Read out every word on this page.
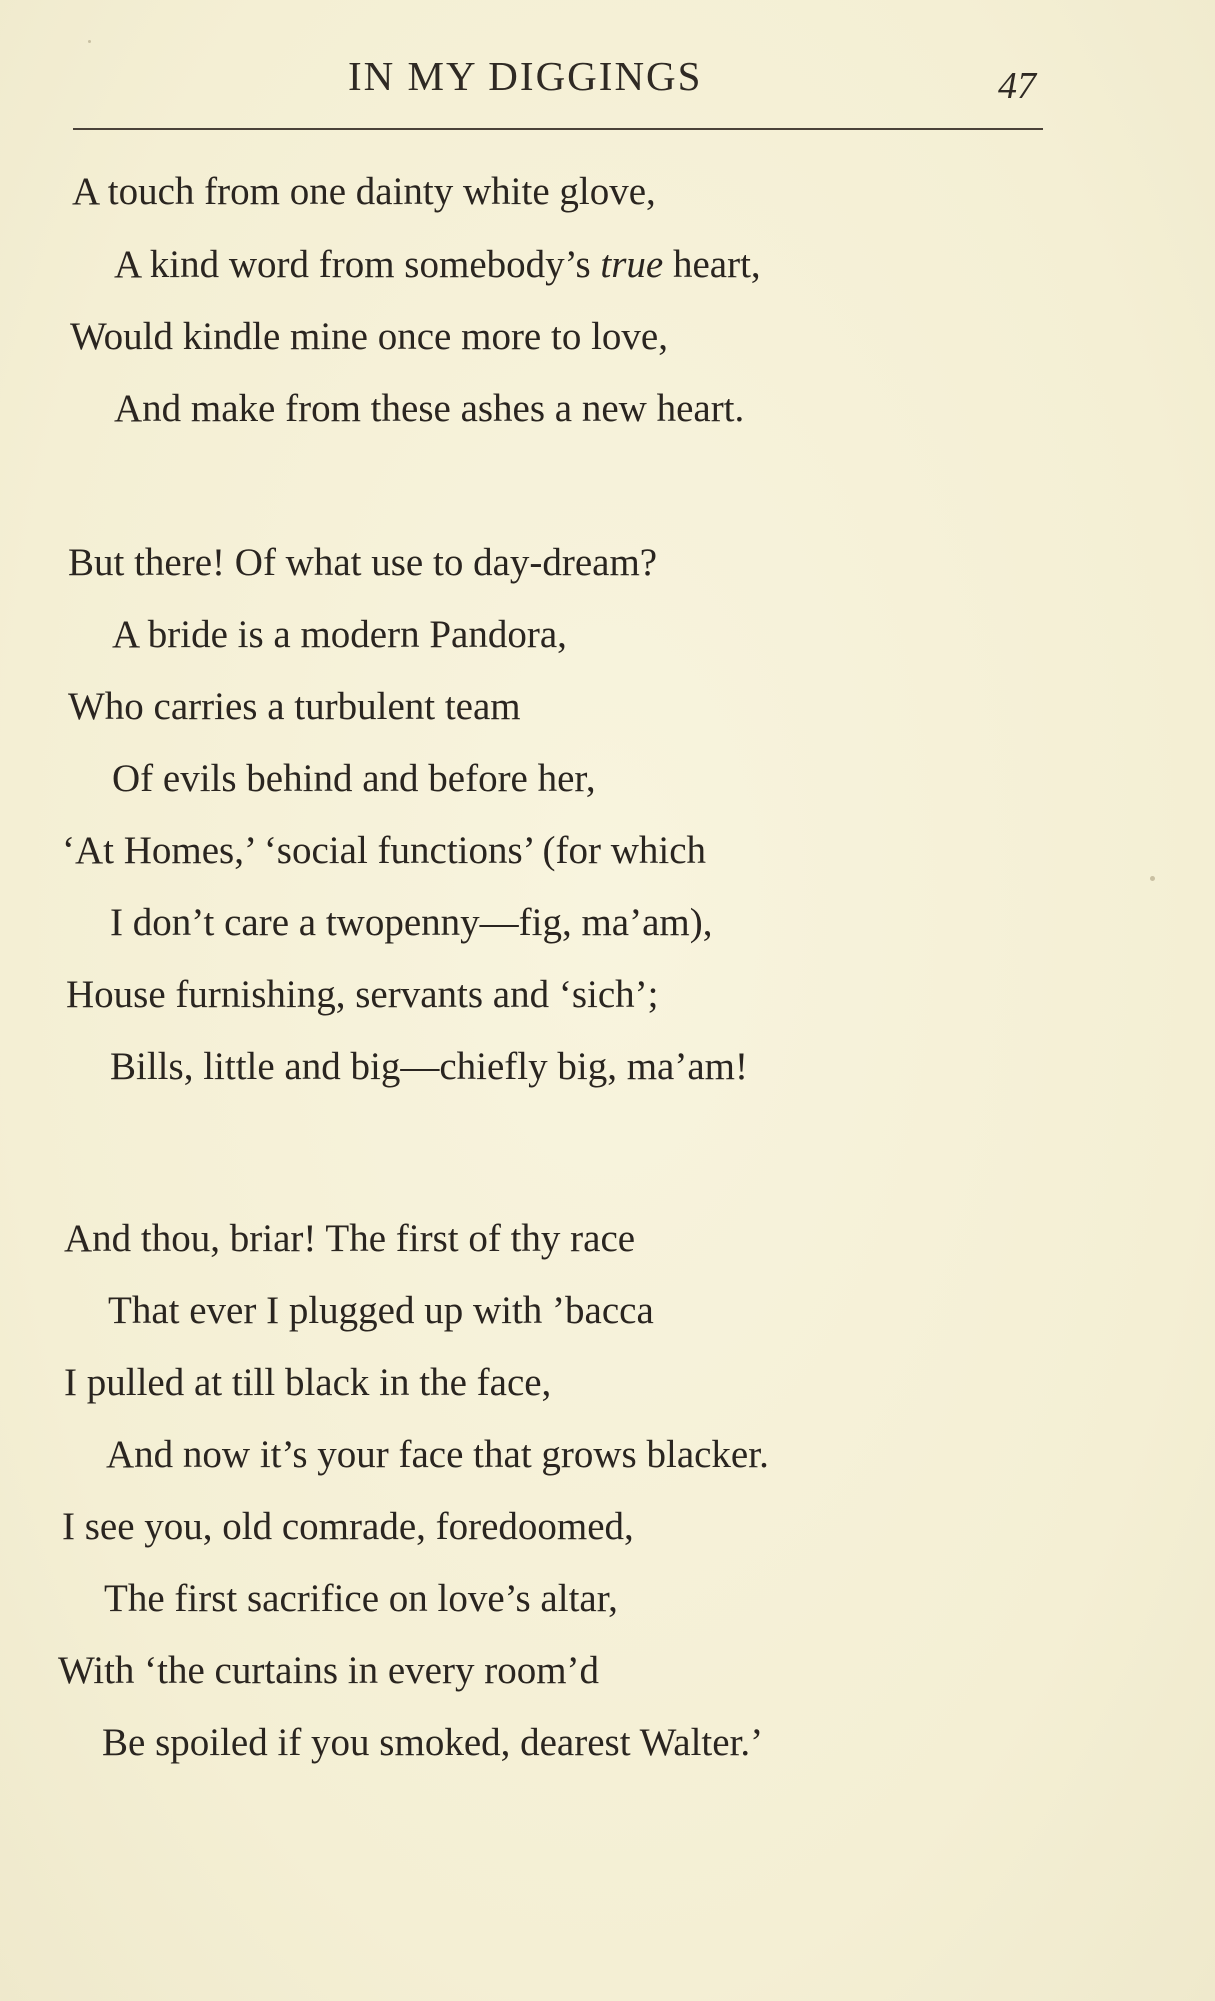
IN MY DIGGINGS	47
A touch from one dainty white glove,
A kind word from somebody’s true heart,
Would kindle mine once more to love,
And make from these ashes a new heart.
But there! Of what use to day-dream?
A bride is a modern Pandora,
Who carries a turbulent team
Of evils behind and before her,
‘At Homes,’ ‘social functions’ (for which
I don’t care a twopenny—fig, ma’am),
House furnishing, servants and ‘sich’;
Bills, little and big—chiefly big, ma’am!
And thou, briar! The first of thy race
That ever I plugged up with ’bacca
I pulled at till black in the face,
And now it’s your face that grows blacker.
I see you, old comrade, foredoomed,
The first sacrifice on love’s altar,
With ‘the curtains in every room’d
Be spoiled if you smoked, dearest Walter.’
